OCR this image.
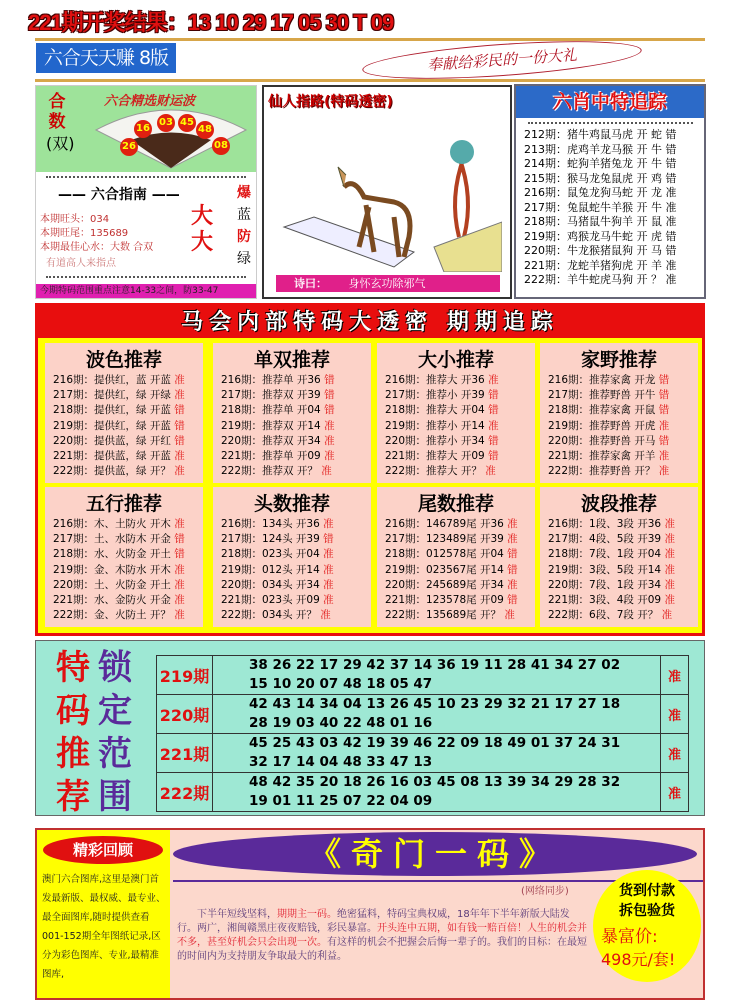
221期开奖结果：13 10 29 17 05 30 T 09
六合天天赚 8版	奉献给彩民的一份大礼
合数
(双)
六合精选财运波
26
16
03 45
48
08
—— 六合指南 ——
本期旺头：034
本期旺尾：135689
本期最佳心水：大数 合双
有道高人来指点
大
大
爆
蓝
防
绿
今期特码范围重点注意14-33之间，防33-47
仙人指路(特码透密)
诗曰： 身怀玄功除邪气
六肖中特追踪
212期：猪牛鸡鼠马虎 开 蛇 错
213期：虎鸡羊龙马猴 开 牛 错
214期：蛇狗羊猪兔龙 开 牛 错
215期：猴马龙兔鼠虎 开 鸡 错
216期：鼠兔龙狗马蛇 开 龙 准
217期：兔鼠蛇牛羊猴 开 牛 准
218期：马猪鼠牛狗羊 开 鼠 准
219期：鸡猴龙马牛蛇 开 虎 错
220期：牛龙猴猪鼠狗 开 马 错
221期：龙蛇羊猪狗虎 开 羊 准
222期：羊牛蛇虎马狗 开 ？ 准
马会内部特码大透密 期期追踪
波色推荐
216期：提供红，蓝 开蓝 准
217期：提供红，绿 开绿 准
218期：提供红，绿 开蓝 错
219期：提供红，绿 开蓝 错
220期：提供蓝，绿 开红 错
221期：提供蓝，绿 开蓝 准
222期：提供蓝，绿 开？ 准
单双推荐
216期：推荐单 开36 错
217期：推荐双 开39 错
218期：推荐单 开04 错
219期：推荐双 开14 准
220期：推荐双 开34 准
221期：推荐单 开09 准
222期：推荐双 开？ 准
大小推荐
216期：推荐大 开36 准
217期：推荐小 开39 错
218期：推荐大 开04 错
219期：推荐小 开14 准
220期：推荐小 开34 错
221期：推荐大 开09 错
222期：推荐大 开？ 准
家野推荐
216期：推荐家禽 开龙 错
217期：推荐野兽 开牛 错
218期：推荐家禽 开鼠 错
219期：推荐野兽 开虎 准
220期：推荐野兽 开马 错
221期：推荐家禽 开羊 准
222期：推荐野兽 开？ 准
五行推荐
216期：木、土防火 开木 准
217期：土、水防木 开金 错
218期：水、火防金 开土 错
219期：金、木防水 开木 准
220期：土、火防金 开土 准
221期：水、金防火 开金 准
222期：金、火防土 开？ 准
头数推荐
216期：134头 开36 准
217期：124头 开39 错
218期：023头 开04 准
219期：012头 开14 准
220期：034头 开34 准
221期：023头 开09 准
222期：034头 开？ 准
尾数推荐
216期：146789尾 开36 准
217期：123489尾 开39 准
218期：012578尾 开04 错
219期：023567尾 开14 错
220期：245689尾 开34 准
221期：123578尾 开09 错
222期：135689尾 开？ 准
波段推荐
216期：1段、3段 开36 准
217期：4段、5段 开39 准
218期：7段、1段 开04 准
219期：3段、5段 开14 准
220期：7段、1段 开34 准
221期：3段、4段 开09 准
222期：6段、7段 开？ 准
特
码
推
荐
锁
定
范
围
219期	38 26 22 17 29 42 37 14 36 19 11 28 41 34 27 02
15 10 20 07 48 18 05 47	准
220期	42 43 14 34 04 13 26 45 10 23 29 32 21 17 27 18
28 19 03 40 22 48 01 16	准
221期	45 25 43 03 42 19 39 46 22 09 18 49 01 37 24 31
32 17 14 04 48 33 47 13	准
222期	48 42 35 20 18 26 16 03 45 08 13 39 34 29 28 32
19 01 11 25 07 22 04 09	准
精彩回顾
澳门六合图库,这里是澳门首发最新版、最权威、最专业、最全面图库,随时提供查看001-152期全年图纸记录,区分为彩色图库、专业,最精准图库,
《奇门一码》
(网络同步)
下半年短线坚料，期期主一码。绝密猛料，特码宝典权威，18年年下半年新版大陆发行。两广，湘闽赣黑庄夜夜赔钱，彩民暴富。开头连中五期，如有钱一赔百倍！人生的机会并不多，甚至好机会只会出现一次。有这样的机会不把握会后悔一辈子的。我们的目标：在最短的时间内为支持朋友争取最大的利益。
货到付款
拆包验货
暴富价:
498元/套!
